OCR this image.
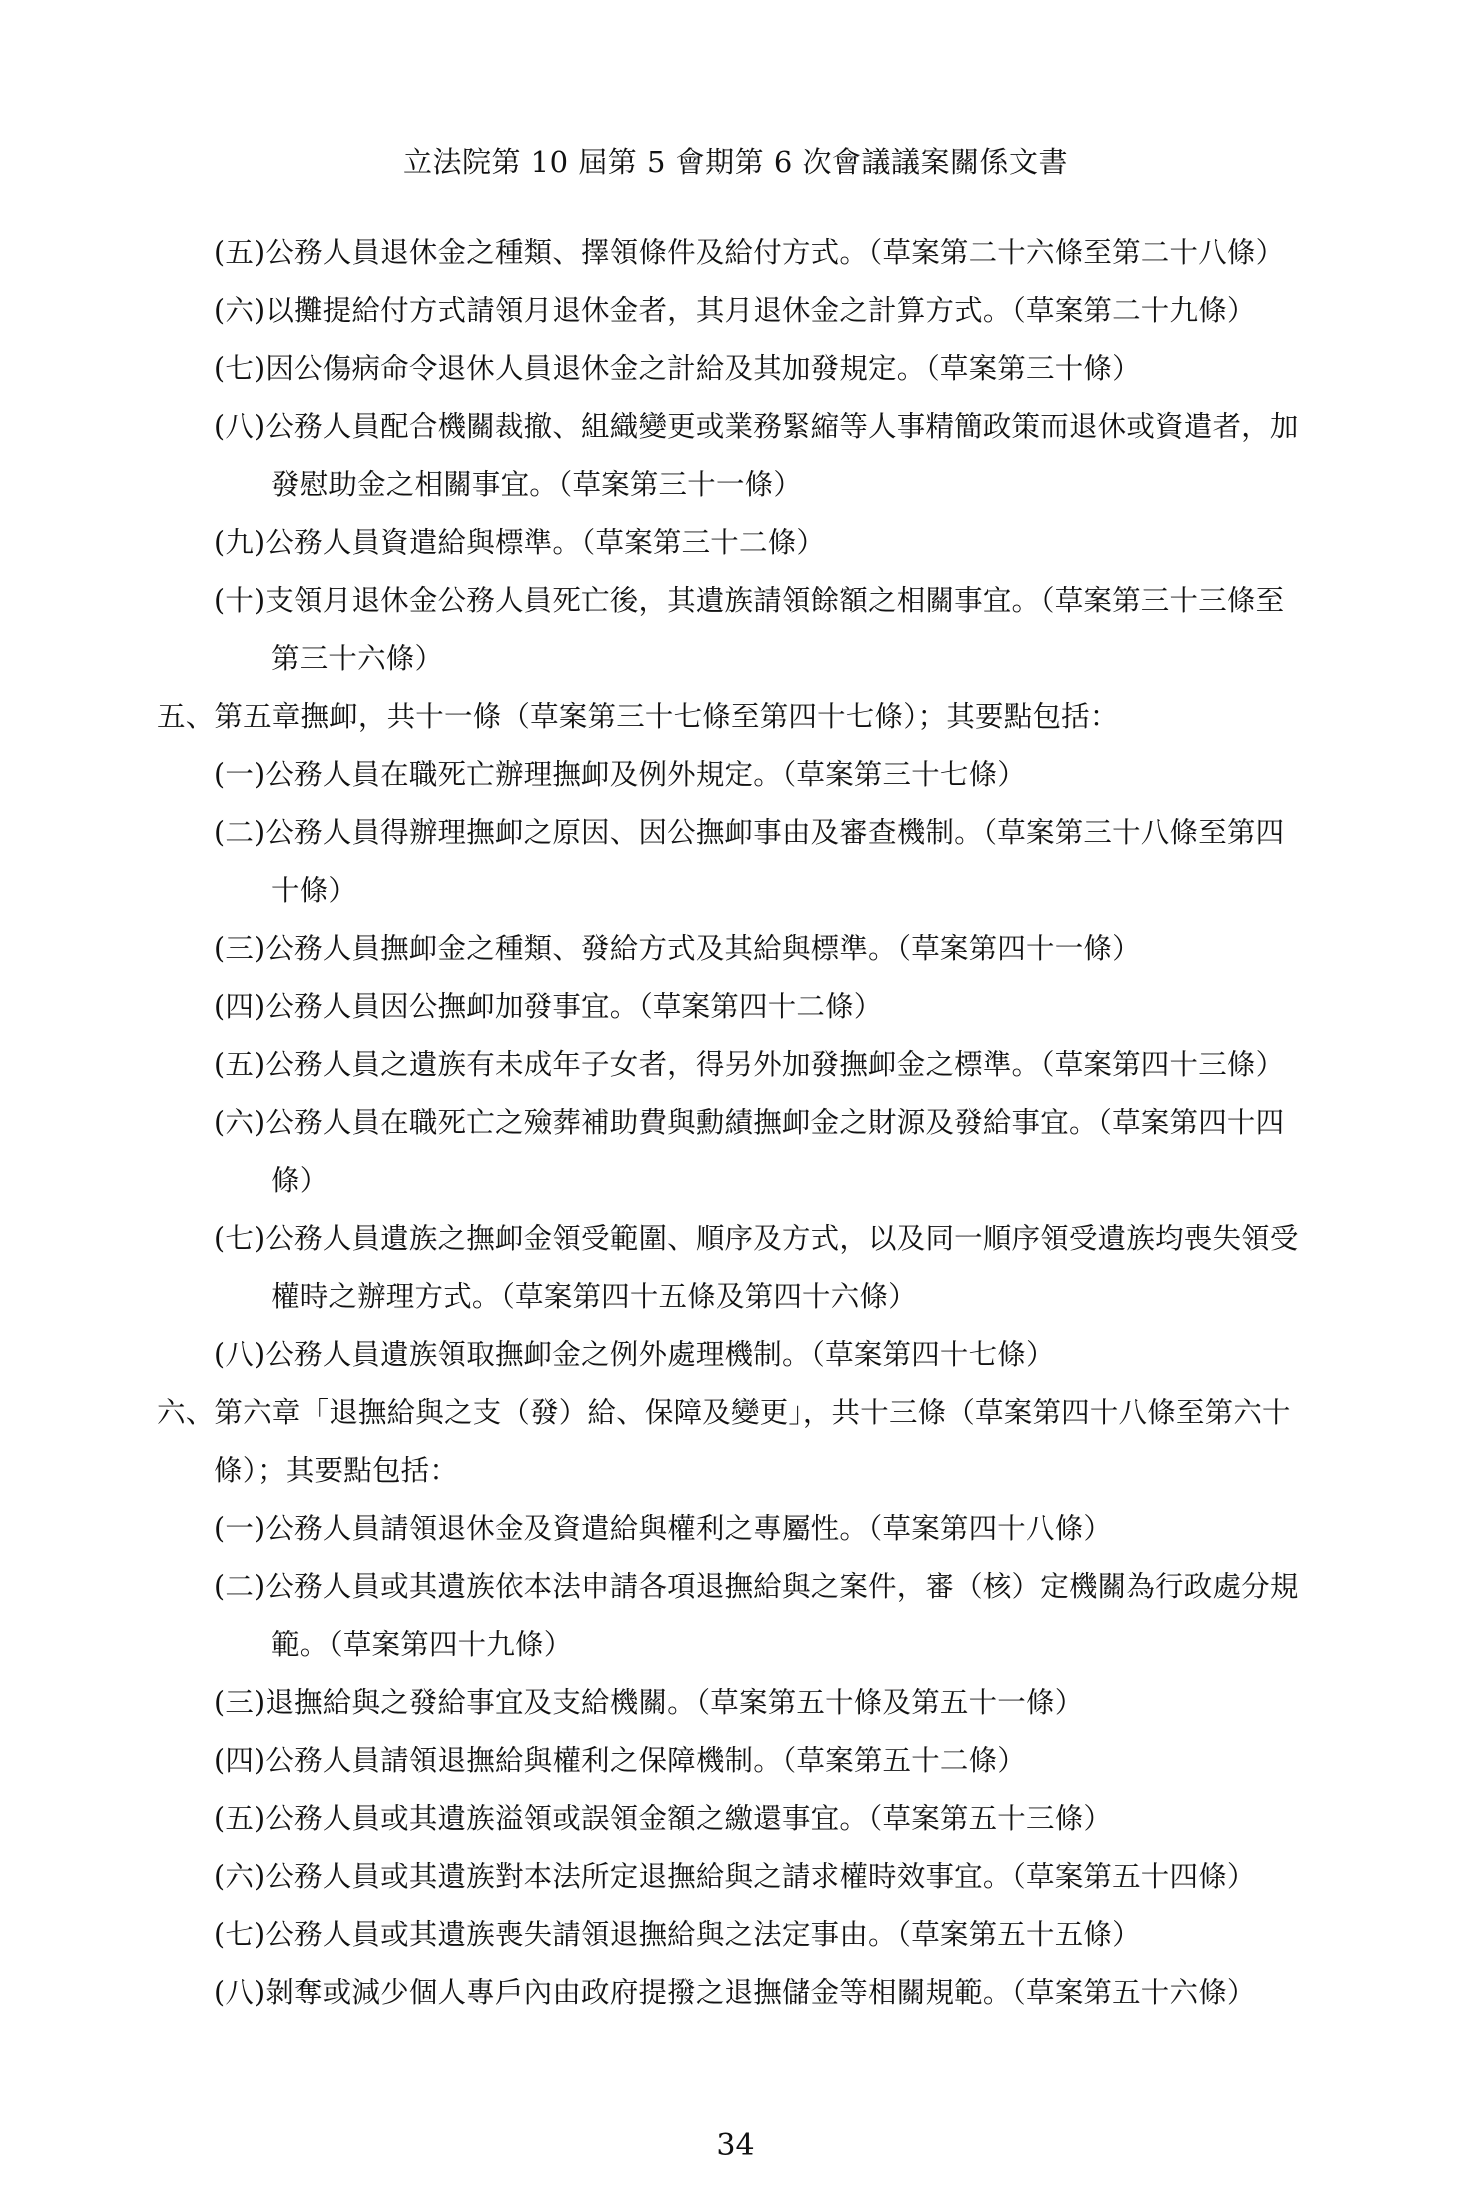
立法院第 10 屆第 5 會期第 6 次會議議案關係文書
(五)公務人員退休金之種類、擇領條件及給付方式。（草案第二十六條至第二十八條）
(六)以攤提給付方式請領月退休金者，其月退休金之計算方式。（草案第二十九條）
(七)因公傷病命令退休人員退休金之計給及其加發規定。（草案第三十條）
(八)公務人員配合機關裁撤、組織變更或業務緊縮等人事精簡政策而退休或資遣者，加
發慰助金之相關事宜。（草案第三十一條）
(九)公務人員資遣給與標準。（草案第三十二條）
(十)支領月退休金公務人員死亡後，其遺族請領餘額之相關事宜。（草案第三十三條至
第三十六條）
五、第五章撫卹，共十一條（草案第三十七條至第四十七條）；其要點包括：
(一)公務人員在職死亡辦理撫卹及例外規定。（草案第三十七條）
(二)公務人員得辦理撫卹之原因、因公撫卹事由及審查機制。（草案第三十八條至第四
十條）
(三)公務人員撫卹金之種類、發給方式及其給與標準。（草案第四十一條）
(四)公務人員因公撫卹加發事宜。（草案第四十二條）
(五)公務人員之遺族有未成年子女者，得另外加發撫卹金之標準。（草案第四十三條）
(六)公務人員在職死亡之殮葬補助費與勳績撫卹金之財源及發給事宜。（草案第四十四
條）
(七)公務人員遺族之撫卹金領受範圍、順序及方式，以及同一順序領受遺族均喪失領受
權時之辦理方式。（草案第四十五條及第四十六條）
(八)公務人員遺族領取撫卹金之例外處理機制。（草案第四十七條）
六、第六章「退撫給與之支（發）給、保障及變更」，共十三條（草案第四十八條至第六十
條）；其要點包括：
(一)公務人員請領退休金及資遣給與權利之專屬性。（草案第四十八條）
(二)公務人員或其遺族依本法申請各項退撫給與之案件，審（核）定機關為行政處分規
範。（草案第四十九條）
(三)退撫給與之發給事宜及支給機關。（草案第五十條及第五十一條）
(四)公務人員請領退撫給與權利之保障機制。（草案第五十二條）
(五)公務人員或其遺族溢領或誤領金額之繳還事宜。（草案第五十三條）
(六)公務人員或其遺族對本法所定退撫給與之請求權時效事宜。（草案第五十四條）
(七)公務人員或其遺族喪失請領退撫給與之法定事由。（草案第五十五條）
(八)剝奪或減少個人專戶內由政府提撥之退撫儲金等相關規範。（草案第五十六條）
34
